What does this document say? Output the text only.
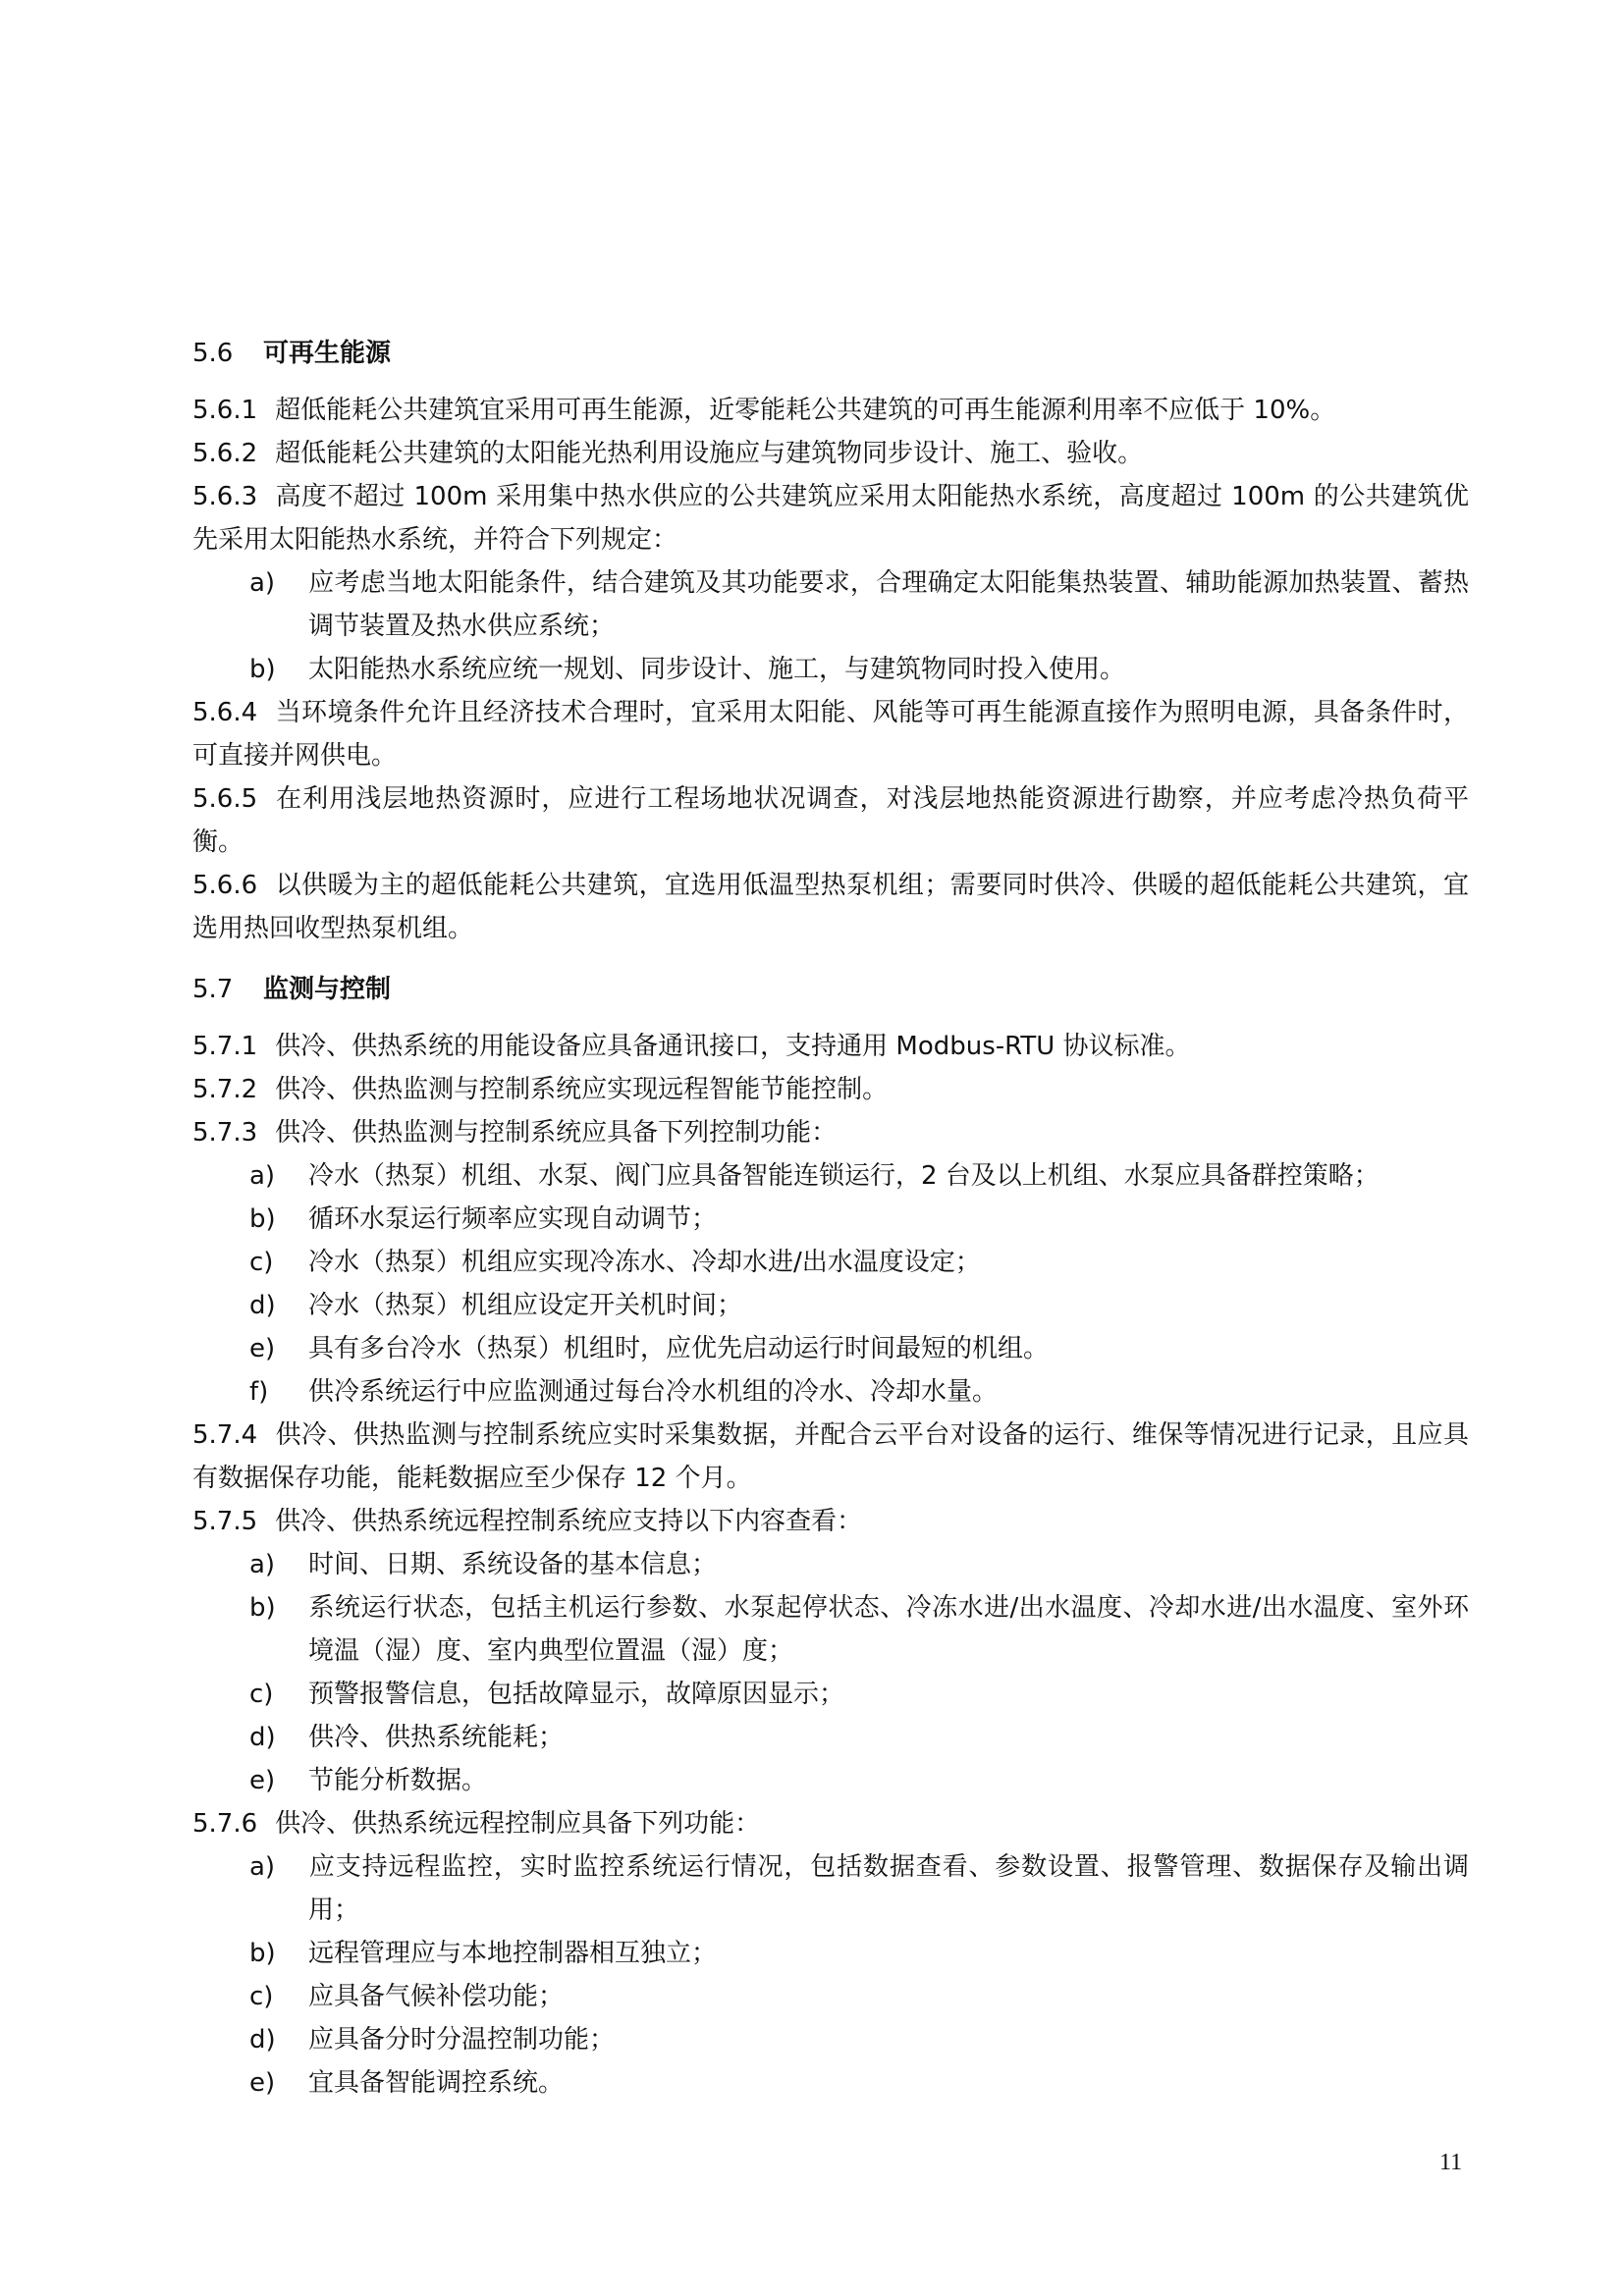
5.6 可再生能源

5.6.1 超低能耗公共建筑宜采用可再生能源，近零能耗公共建筑的可再生能源利用率不应低于 10%。

5.6.2 超低能耗公共建筑的太阳能光热利用设施应与建筑物同步设计、施工、验收。

5.6.3 高度不超过 100m 采用集中热水供应的公共建筑应采用太阳能热水系统，高度超过 100m 的公共建筑优先采用太阳能热水系统，并符合下列规定：

a) 应考虑当地太阳能条件，结合建筑及其功能要求，合理确定太阳能集热装置、辅助能源加热装置、蓄热调节装置及热水供应系统；

b) 太阳能热水系统应统一规划、同步设计、施工，与建筑物同时投入使用。

5.6.4 当环境条件允许且经济技术合理时，宜采用太阳能、风能等可再生能源直接作为照明电源，具备条件时，可直接并网供电。

5.6.5 在利用浅层地热资源时，应进行工程场地状况调查，对浅层地热能资源进行勘察，并应考虑冷热负荷平衡。

5.6.6 以供暖为主的超低能耗公共建筑，宜选用低温型热泵机组；需要同时供冷、供暖的超低能耗公共建筑，宜选用热回收型热泵机组。

5.7 监测与控制

5.7.1 供冷、供热系统的用能设备应具备通讯接口，支持通用 Modbus-RTU 协议标准。

5.7.2 供冷、供热监测与控制系统应实现远程智能节能控制。

5.7.3 供冷、供热监测与控制系统应具备下列控制功能：

a) 冷水（热泵）机组、水泵、阀门应具备智能连锁运行，2 台及以上机组、水泵应具备群控策略；

b) 循环水泵运行频率应实现自动调节；

c) 冷水（热泵）机组应实现冷冻水、冷却水进/出水温度设定；

d) 冷水（热泵）机组应设定开关机时间；

e) 具有多台冷水（热泵）机组时，应优先启动运行时间最短的机组。

f) 供冷系统运行中应监测通过每台冷水机组的冷水、冷却水量。

5.7.4 供冷、供热监测与控制系统应实时采集数据，并配合云平台对设备的运行、维保等情况进行记录，且应具有数据保存功能，能耗数据应至少保存 12 个月。

5.7.5 供冷、供热系统远程控制系统应支持以下内容查看：

a) 时间、日期、系统设备的基本信息；

b) 系统运行状态，包括主机运行参数、水泵起停状态、冷冻水进/出水温度、冷却水进/出水温度、室外环境温（湿）度、室内典型位置温（湿）度；

c) 预警报警信息，包括故障显示，故障原因显示；

d) 供冷、供热系统能耗；

e) 节能分析数据。

5.7.6 供冷、供热系统远程控制应具备下列功能：

a) 应支持远程监控，实时监控系统运行情况，包括数据查看、参数设置、报警管理、数据保存及输出调用；

b) 远程管理应与本地控制器相互独立；

c) 应具备气候补偿功能；

d) 应具备分时分温控制功能；

e) 宜具备智能调控系统。

11
